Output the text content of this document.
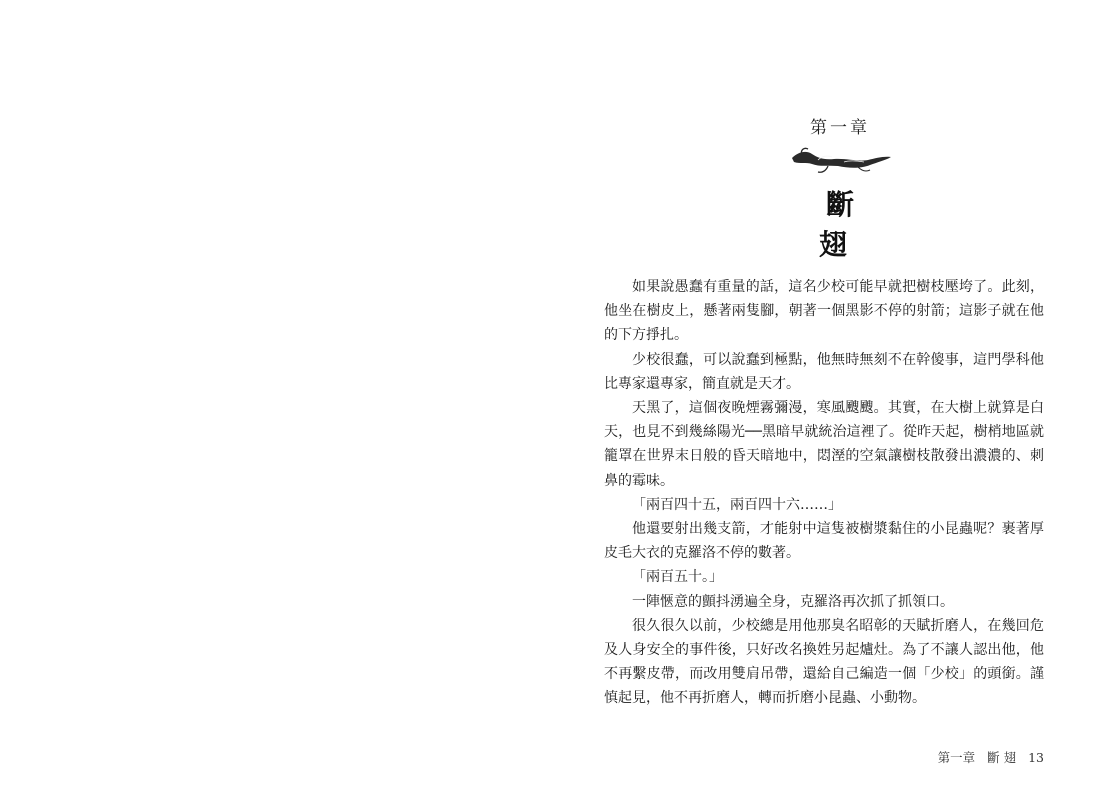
第一章
斷 翅

如果說愚蠢有重量的話，這名少校可能早就把樹枝壓垮了。此刻，他坐在樹皮上，懸著兩隻腳，朝著一個黑影不停的射箭；這影子就在他的下方掙扎。

少校很蠢，可以說蠢到極點，他無時無刻不在幹傻事，這門學科他比專家還專家，簡直就是天才。

天黑了，這個夜晚煙霧彌漫，寒風颼颼。其實，在大樹上就算是白天，也見不到幾絲陽光──黑暗早就統治這裡了。從昨天起，樹梢地區就籠罩在世界末日般的昏天暗地中，悶溼的空氣讓樹枝散發出濃濃的、刺鼻的霉味。

「兩百四十五，兩百四十六……」

他還要射出幾支箭，才能射中這隻被樹漿黏住的小昆蟲呢？裹著厚皮毛大衣的克羅洛不停的數著。

「兩百五十。」

一陣愜意的顫抖湧遍全身，克羅洛再次抓了抓領口。

很久很久以前，少校總是用他那臭名昭彰的天賦折磨人，在幾回危及人身安全的事件後，只好改名換姓另起爐灶。為了不讓人認出他，他不再繫皮帶，而改用雙肩吊帶，還給自己編造一個「少校」的頭銜。謹慎起見，他不再折磨人，轉而折磨小昆蟲、小動物。

第一章 斷 翅 13
